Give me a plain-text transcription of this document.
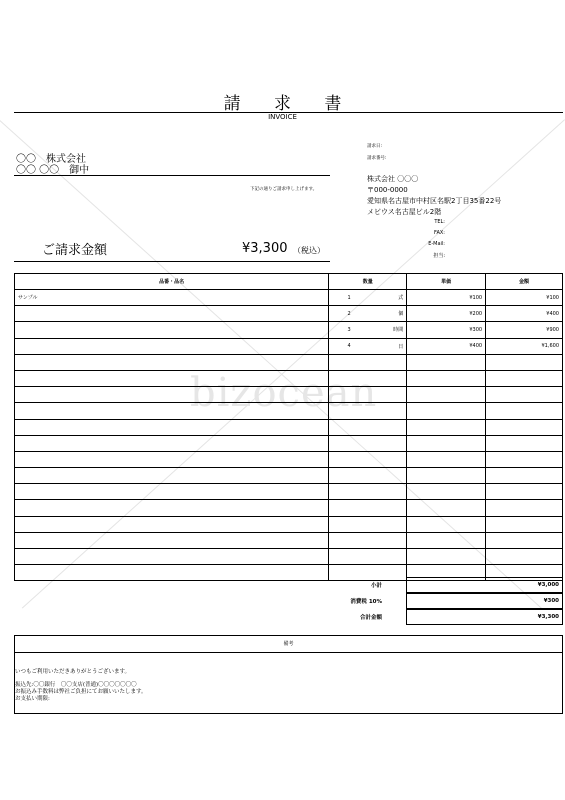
bizocean
請 求 書
INVOICE
〇〇　株式会社
〇〇 〇〇　御中
下記の通りご請求申し上げます。
ご請求金額	¥3,300 （税込）
請求日:
請求番号:
株式会社 〇〇〇
〒000-0000
愛知県名古屋市中村区名駅2丁目35番22号
メビウス名古屋ビル2階
TEL:
FAX:
E-Mail:
担当:
品番・品名	数量		単価	金額
サンプル	1	式	¥100	¥100
	2	個	¥200	¥400
	3	時間	¥300	¥900
	4	日	¥400	¥1,600

小計	¥3,000
消費税 10%	¥300
合計金額	¥3,300
備考
いつもご利用いただきありがとうございます。
振込先:〇〇銀行　〇〇支店(普通)〇〇〇〇〇〇〇
お振込み手数料は弊社ご負担にてお願いいたします。
お支払い期限:
